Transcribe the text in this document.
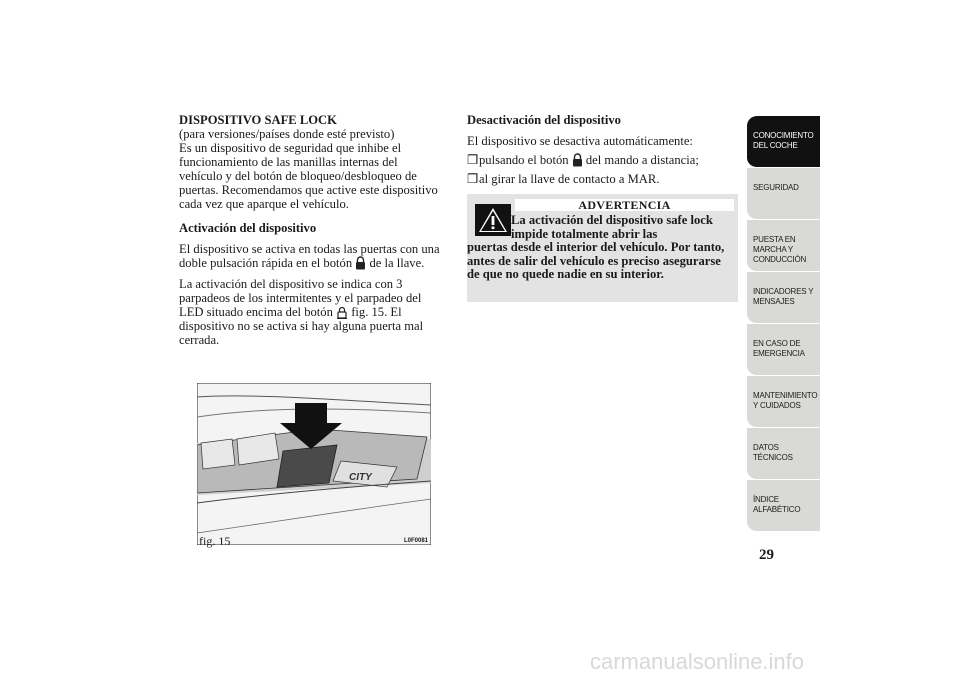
DISPOSITIVO SAFE LOCK
(para versiones/países donde esté previsto)

Es un dispositivo de seguridad que inhibe el funcionamiento de las manillas internas del vehículo y del botón de bloqueo/desbloqueo de puertas. Recomendamos que active este dispositivo cada vez que aparque el vehículo.

Activación del dispositivo

El dispositivo se activa en todas las puertas con una doble pulsación rápida en el botón de la llave.

La activación del dispositivo se indica con 3 parpadeos de los intermitentes y el parpadeo del LED situado encima del botón fig. 15. El dispositivo no se activa si hay alguna puerta mal cerrada.

Desactivación del dispositivo

El dispositivo se desactiva automáticamente:

❒ pulsando el botón del mando a distancia;

❒ al girar la llave de contacto a MAR.

ADVERTENCIA
La activación del dispositivo safe lock impide totalmente abrir las
puertas desde el interior del vehículo. Por tanto, antes de salir del vehículo es preciso asegurarse de que no quede nadie en su interior.
CITY
fig. 15	L0F0081
CONOCIMIENTO DEL COCHE
SEGURIDAD
PUESTA EN MARCHA Y CONDUCCIÓN
INDICADORES Y MENSAJES
EN CASO DE EMERGENCIA
MANTENIMIENTO Y CUIDADOS
DATOS TÉCNICOS
ÍNDICE ALFABÉTICO
29
carmanualsonline.info
